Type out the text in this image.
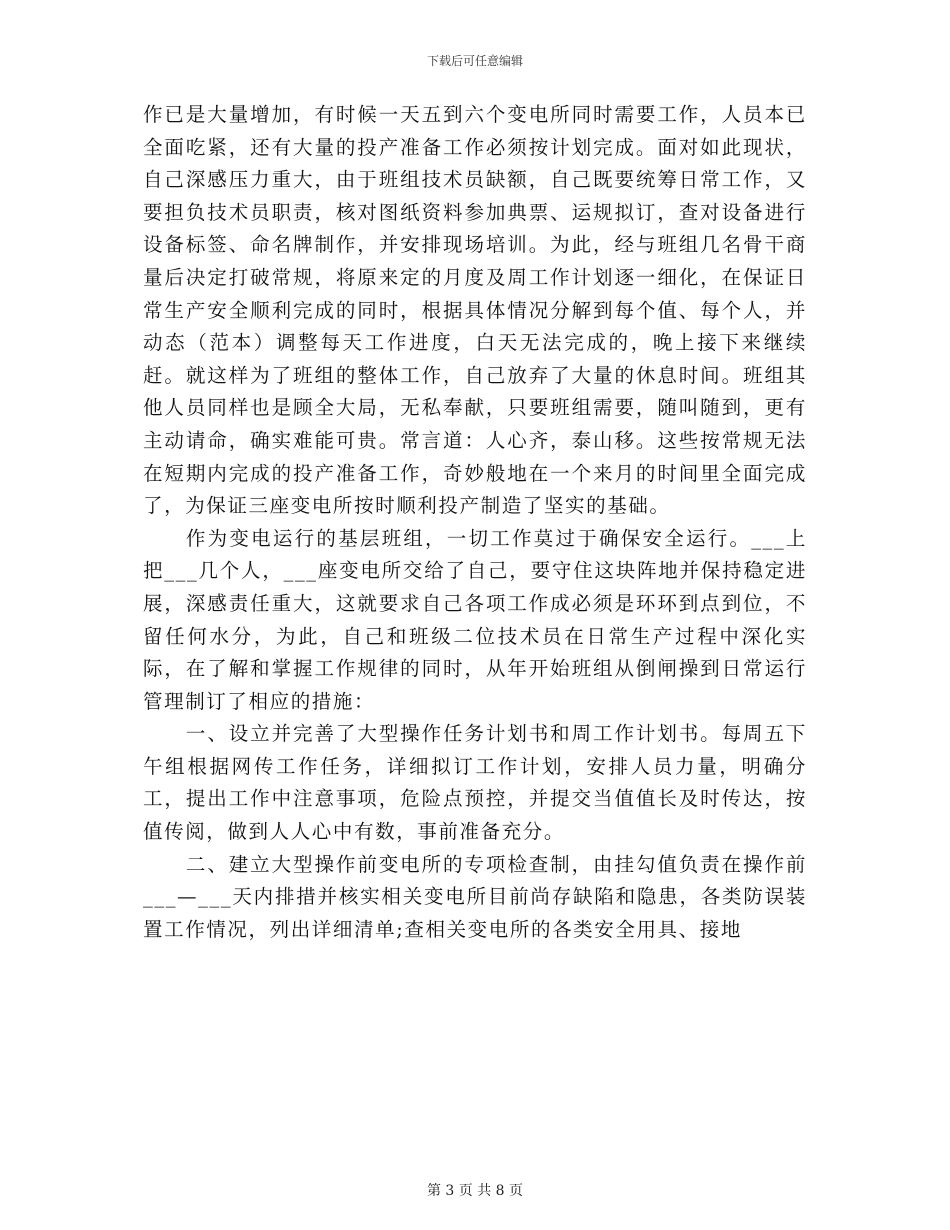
下载后可任意编辑

作已是大量增加，有时候一天五到六个变电所同时需要工作，人员本已全面吃紧，还有大量的投产准备工作必须按计划完成。面对如此现状，自己深感压力重大，由于班组技术员缺额，自己既要统筹日常工作，又要担负技术员职责，核对图纸资料参加典票、运规拟订，查对设备进行设备标签、命名牌制作，并安排现场培训。为此，经与班组几名骨干商量后决定打破常规，将原来定的月度及周工作计划逐一细化，在保证日常生产安全顺利完成的同时，根据具体情况分解到每个值、每个人，并动态（范本）调整每天工作进度，白天无法完成的，晚上接下来继续赶。就这样为了班组的整体工作，自己放弃了大量的休息时间。班组其他人员同样也是顾全大局，无私奉献，只要班组需要，随叫随到，更有主动请命，确实难能可贵。常言道：人心齐，泰山移。这些按常规无法在短期内完成的投产准备工作，奇妙般地在一个来月的时间里全面完成了，为保证三座变电所按时顺利投产制造了坚实的基础。

作为变电运行的基层班组，一切工作莫过于确保安全运行。___上把___几个人，___座变电所交给了自己，要守住这块阵地并保持稳定进展，深感责任重大，这就要求自己各项工作成必须是环环到点到位，不留任何水分，为此，自己和班级二位技术员在日常生产过程中深化实际，在了解和掌握工作规律的同时，从年开始班组从倒闸操到日常运行管理制订了相应的措施：

一、设立并完善了大型操作任务计划书和周工作计划书。每周五下午组根据网传工作任务，详细拟订工作计划，安排人员力量，明确分工，提出工作中注意事项，危险点预控，并提交当值值长及时传达，按值传阅，做到人人心中有数，事前准备充分。

二、建立大型操作前变电所的专项检查制，由挂勾值负责在操作前___—___天内排措并核实相关变电所目前尚存缺陷和隐患，各类防误装置工作情况，列出详细清单;查相关变电所的各类安全用具、接地

第 3 页 共 8 页
